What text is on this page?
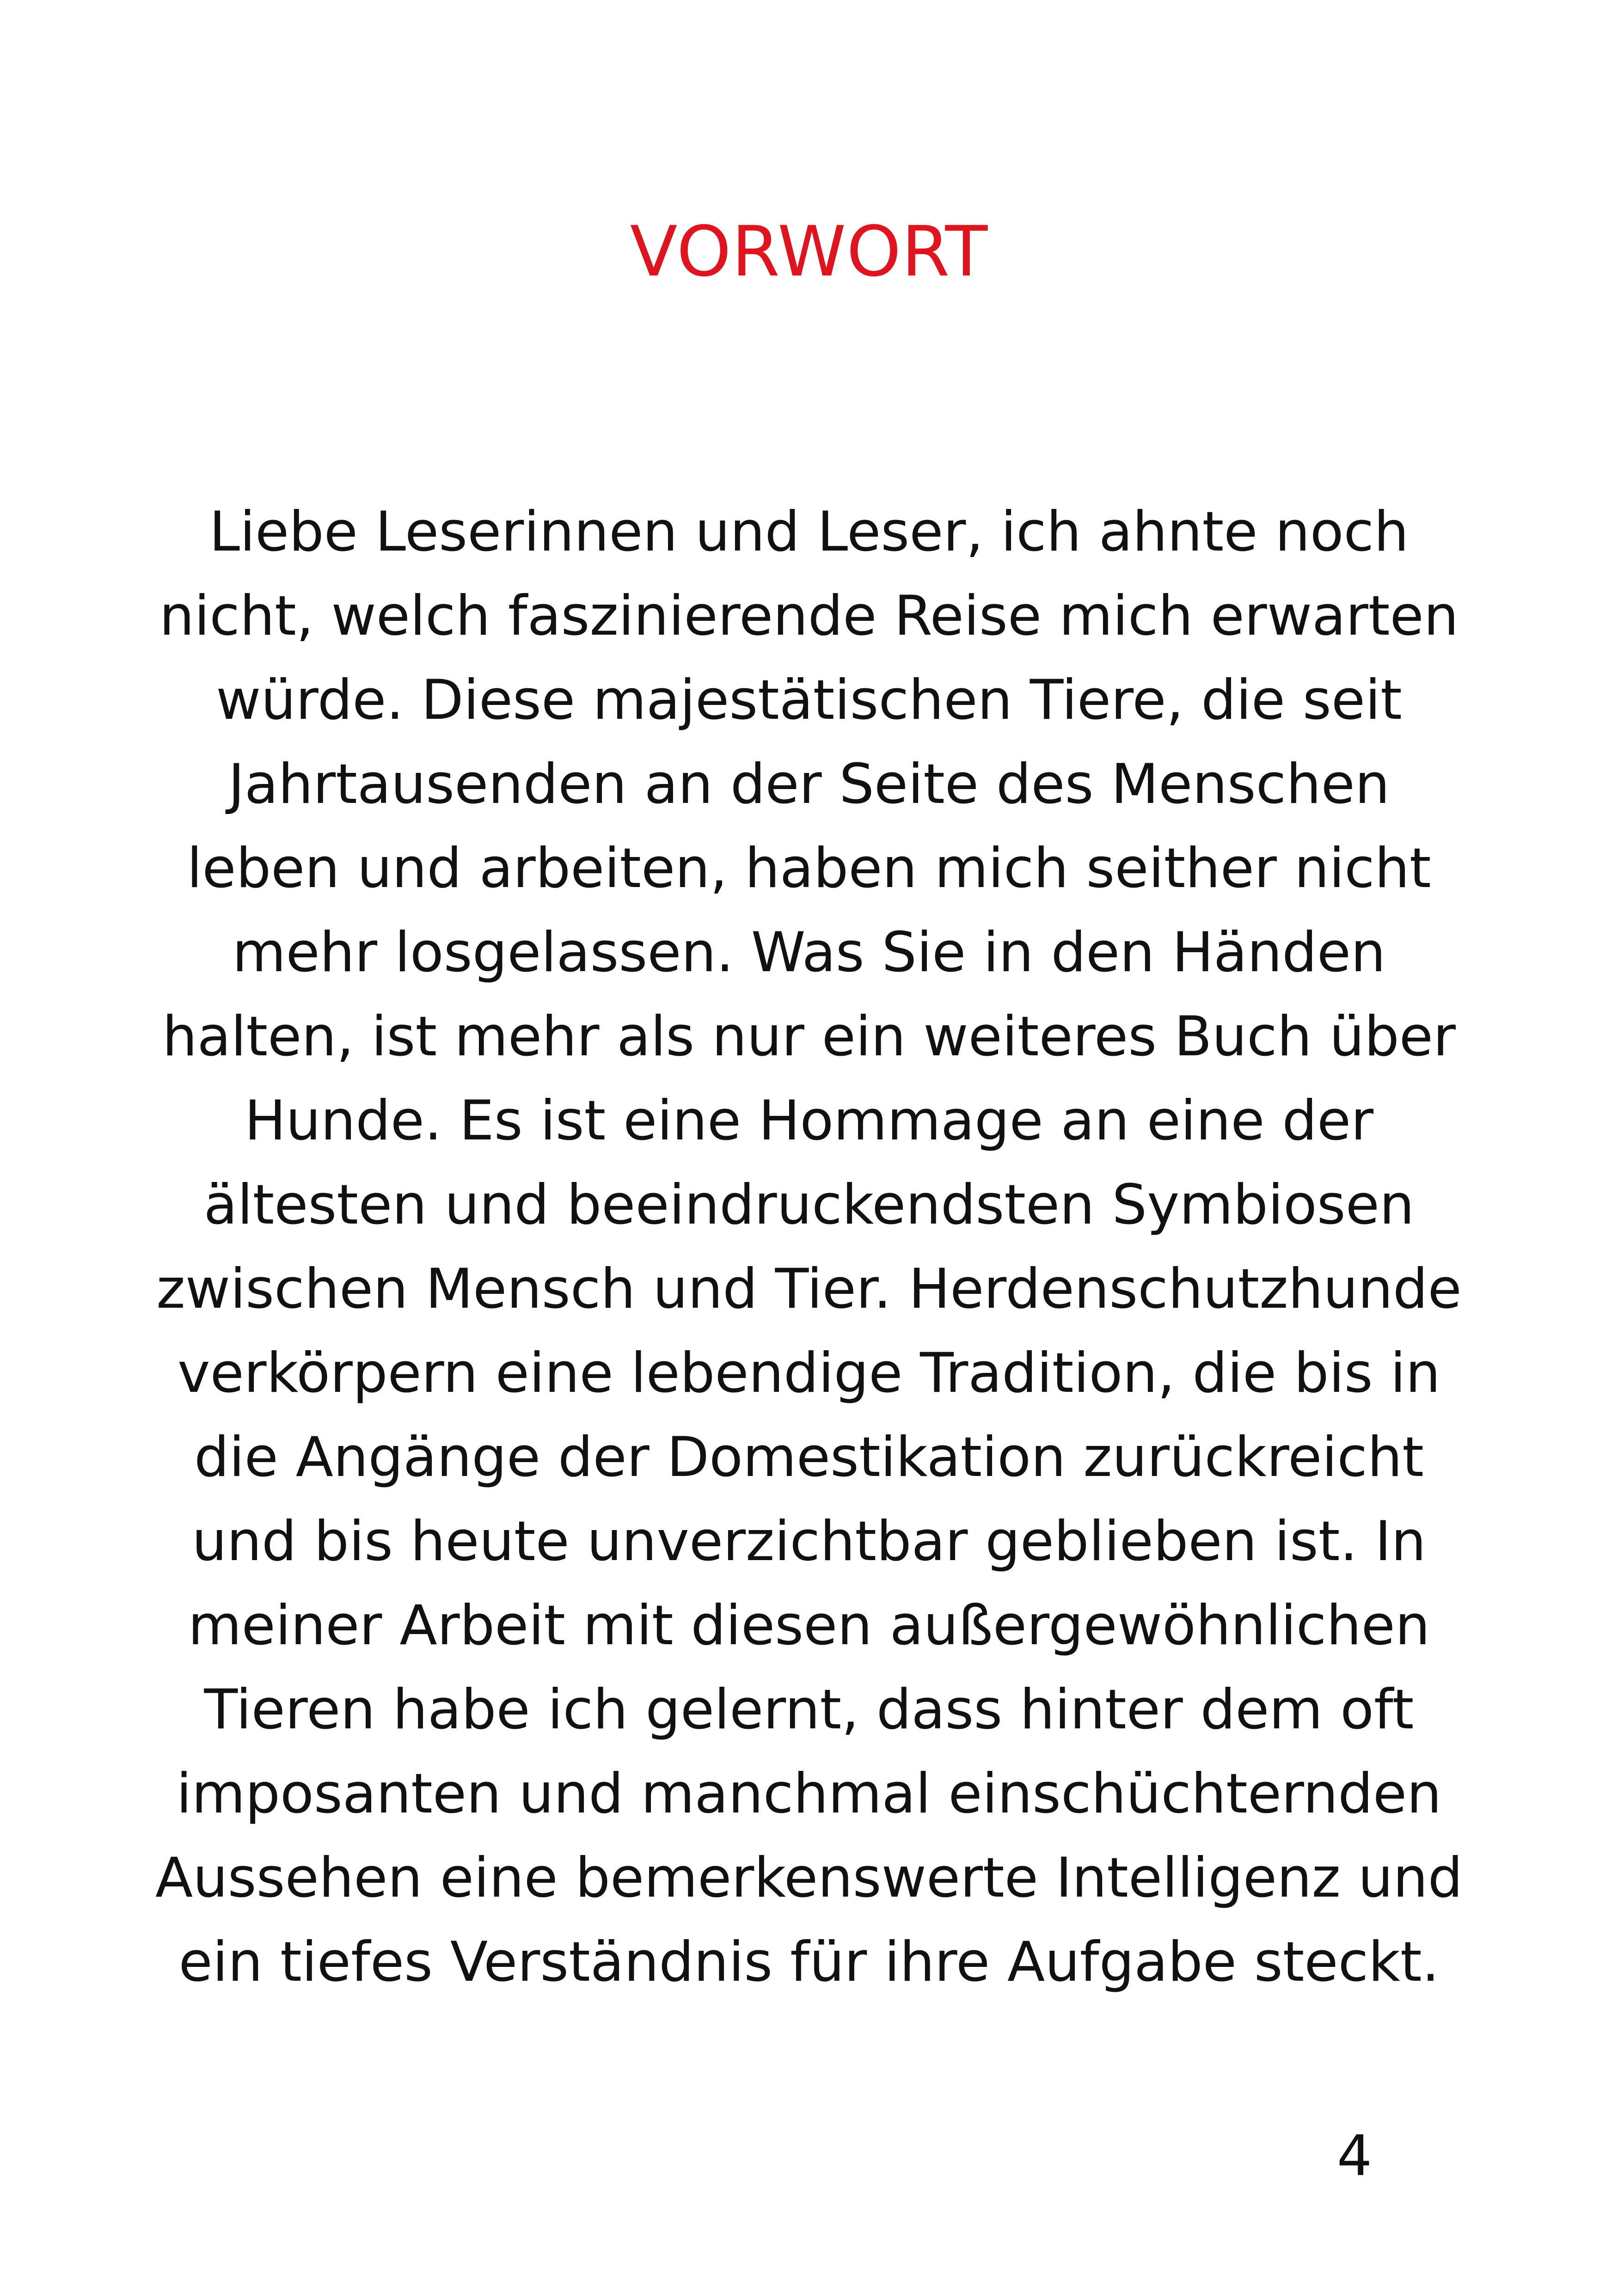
VORWORT

Liebe Leserinnen und Leser, ich ahnte noch
nicht, welch faszinierende Reise mich erwarten
würde. Diese majestätischen Tiere, die seit
Jahrtausenden an der Seite des Menschen
leben und arbeiten, haben mich seither nicht
mehr losgelassen. Was Sie in den Händen
halten, ist mehr als nur ein weiteres Buch über
Hunde. Es ist eine Hommage an eine der
ältesten und beeindruckendsten Symbiosen
zwischen Mensch und Tier. Herdenschutzhunde
verkörpern eine lebendige Tradition, die bis in
die Angänge der Domestikation zurückreicht
und bis heute unverzichtbar geblieben ist. In
meiner Arbeit mit diesen außergewöhnlichen
Tieren habe ich gelernt, dass hinter dem oft
imposanten und manchmal einschüchternden
Aussehen eine bemerkenswerte Intelligenz und
ein tiefes Verständnis für ihre Aufgabe steckt.

4
